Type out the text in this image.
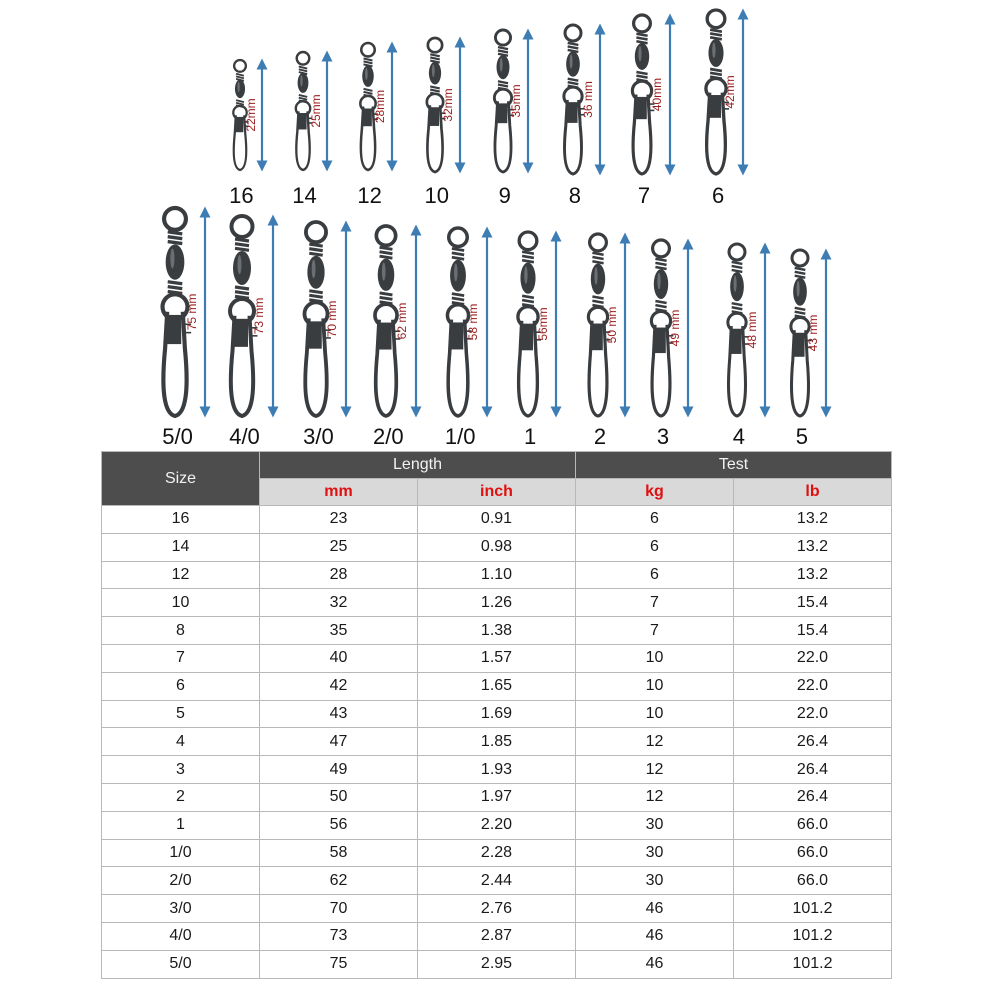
22mm
16
25mm
14
28mm
12
32mm
10
35mm
9
36 mm
8
40mm
7
42mm
6
75 mm
5/0
73 mm
4/0
70 mm
3/0
62 mm
2/0
58 mm
1/0
56mm
1
50 mm
2
49 mm
3
48 mm
4
43 mm
5
Size	Length		Test	
	mm	inch	kg	lb
16	23	0.91	6	13.2
14	25	0.98	6	13.2
12	28	1.10	6	13.2
10	32	1.26	7	15.4
8	35	1.38	7	15.4
7	40	1.57	10	22.0
6	42	1.65	10	22.0
5	43	1.69	10	22.0
4	47	1.85	12	26.4
3	49	1.93	12	26.4
2	50	1.97	12	26.4
1	56	2.20	30	66.0
1/0	58	2.28	30	66.0
2/0	62	2.44	30	66.0
3/0	70	2.76	46	101.2
4/0	73	2.87	46	101.2
5/0	75	2.95	46	101.2
